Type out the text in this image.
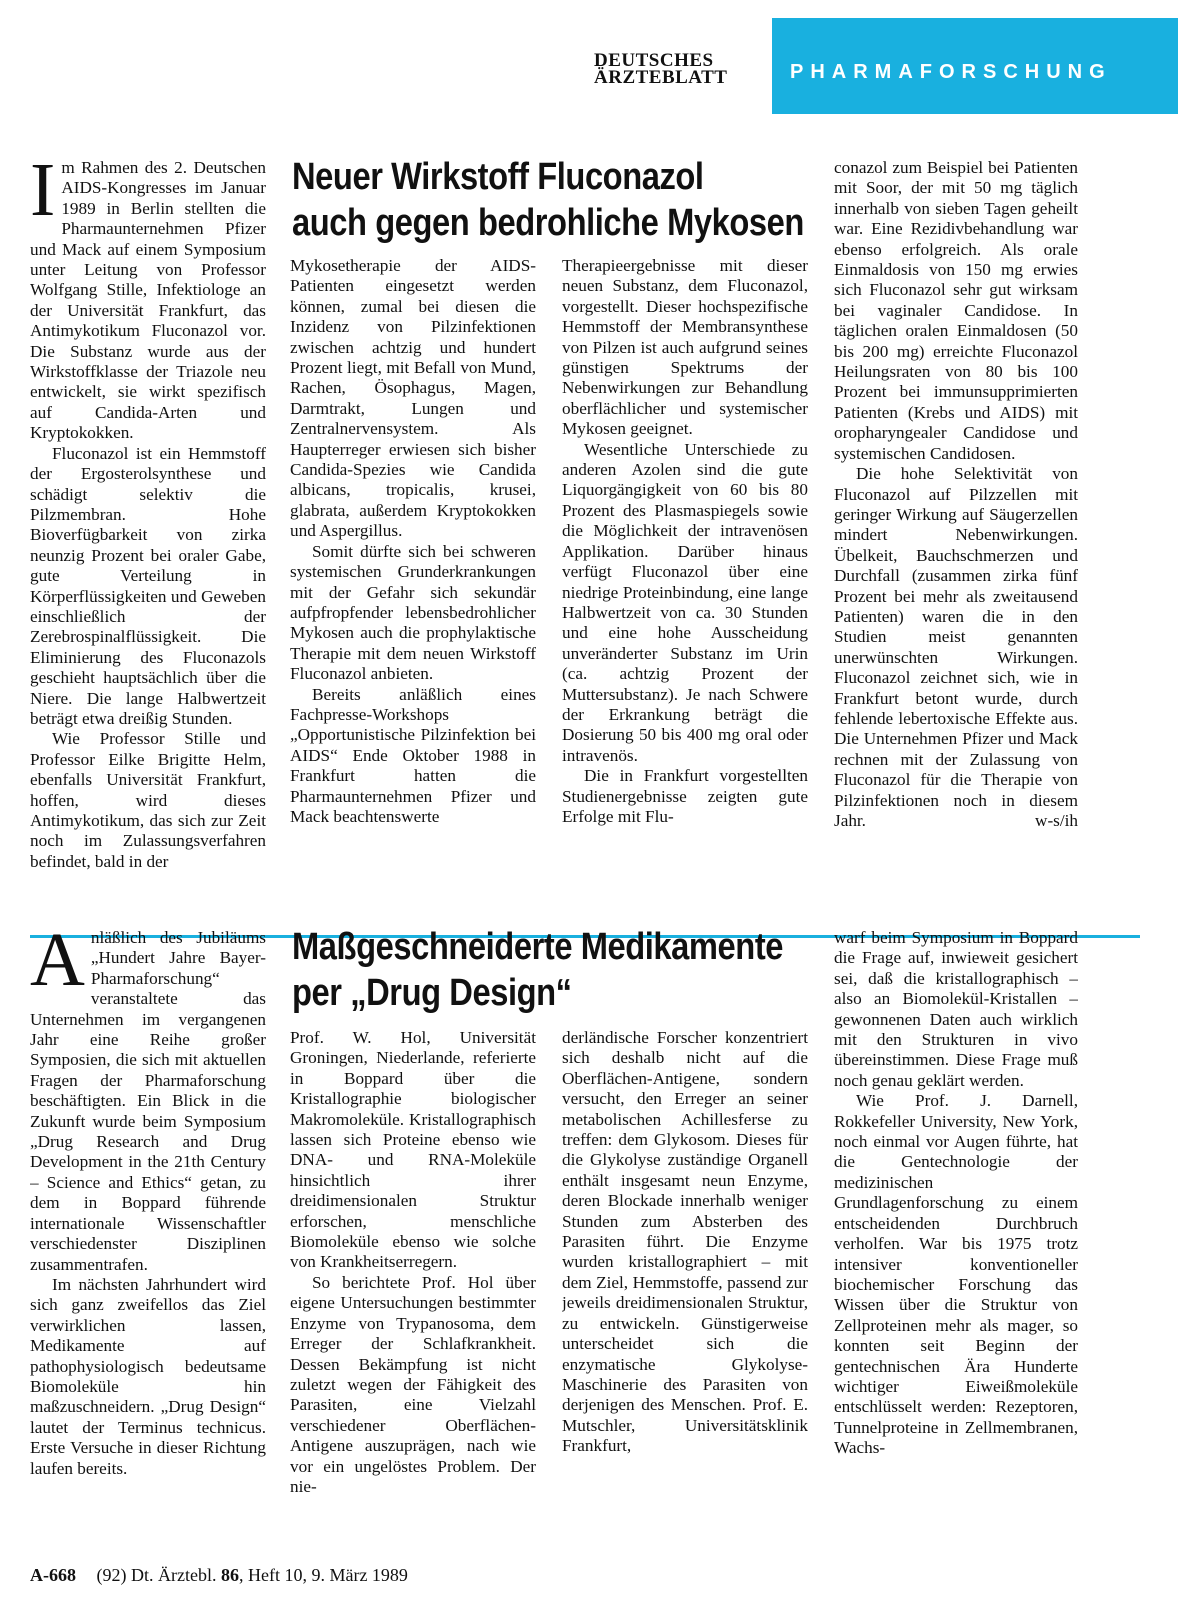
DEUTSCHES
ÄRZTEBLATT	PHARMAFORSCHUNG

Im Rahmen des 2. Deutschen AIDS-Kongresses im Januar 1989 in Berlin stellten die Pharmaunternehmen Pfizer und Mack auf einem Symposium unter Leitung von Professor Wolfgang Stille, Infektiologe an der Universität Frankfurt, das Antimykotikum Fluconazol vor. Die Substanz wurde aus der Wirkstoffklasse der Triazole neu entwickelt, sie wirkt spezifisch auf Candida-Arten und Kryptokokken.

Fluconazol ist ein Hemmstoff der Ergosterolsynthese und schädigt selektiv die Pilzmembran. Hohe Bioverfügbarkeit von zirka neunzig Prozent bei oraler Gabe, gute Verteilung in Körperflüssigkeiten und Geweben einschließlich der Zerebrospinalflüssigkeit. Die Eliminierung des Fluconazols geschieht hauptsächlich über die Niere. Die lange Halbwertzeit beträgt etwa dreißig Stunden.

Wie Professor Stille und Professor Eilke Brigitte Helm, ebenfalls Universität Frankfurt, hoffen, wird dieses Antimykotikum, das sich zur Zeit noch im Zulassungsverfahren befindet, bald in der

Neuer Wirkstoff Fluconazol
auch gegen bedrohliche Mykosen

Mykosetherapie der AIDS-Patienten eingesetzt werden können, zumal bei diesen die Inzidenz von Pilzinfektionen zwischen achtzig und hundert Prozent liegt, mit Befall von Mund, Rachen, Ösophagus, Magen, Darmtrakt, Lungen und Zentralnervensystem. Als Haupterreger erwiesen sich bisher Candida-Spezies wie Candida albicans, tropicalis, krusei, glabrata, außerdem Kryptokokken und Aspergillus.

Somit dürfte sich bei schweren systemischen Grunderkrankungen mit der Gefahr sich sekundär aufpfropfender lebensbedrohlicher Mykosen auch die prophylaktische Therapie mit dem neuen Wirkstoff Fluconazol anbieten.

Bereits anläßlich eines Fachpresse-Workshops „Opportunistische Pilzinfektion bei AIDS“ Ende Oktober 1988 in Frankfurt hatten die Pharmaunternehmen Pfizer und Mack beachtenswerte

Therapieergebnisse mit dieser neuen Substanz, dem Fluconazol, vorgestellt. Dieser hochspezifische Hemmstoff der Membransynthese von Pilzen ist auch aufgrund seines günstigen Spektrums der Nebenwirkungen zur Behandlung oberflächlicher und systemischer Mykosen geeignet.

Wesentliche Unterschiede zu anderen Azolen sind die gute Liquorgängigkeit von 60 bis 80 Prozent des Plasmaspiegels sowie die Möglichkeit der intravenösen Applikation. Darüber hinaus verfügt Fluconazol über eine niedrige Proteinbindung, eine lange Halbwertzeit von ca. 30 Stunden und eine hohe Ausscheidung unveränderter Substanz im Urin (ca. achtzig Prozent der Muttersubstanz). Je nach Schwere der Erkrankung beträgt die Dosierung 50 bis 400 mg oral oder intravenös.

Die in Frankfurt vorgestellten Studienergebnisse zeigten gute Erfolge mit Flu-

conazol zum Beispiel bei Patienten mit Soor, der mit 50 mg täglich innerhalb von sieben Tagen geheilt war. Eine Rezidivbehandlung war ebenso erfolgreich. Als orale Einmaldosis von 150 mg erwies sich Fluconazol sehr gut wirksam bei vaginaler Candidose. In täglichen oralen Einmaldosen (50 bis 200 mg) erreichte Fluconazol Heilungsraten von 80 bis 100 Prozent bei immunsupprimierten Patienten (Krebs und AIDS) mit oropharyngealer Candidose und systemischen Candidosen.

Die hohe Selektivität von Fluconazol auf Pilzzellen mit geringer Wirkung auf Säugerzellen mindert Nebenwirkungen. Übelkeit, Bauchschmerzen und Durchfall (zusammen zirka fünf Prozent bei mehr als zweitausend Patienten) waren die in den Studien meist genannten unerwünschten Wirkungen. Fluconazol zeichnet sich, wie in Frankfurt betont wurde, durch fehlende lebertoxische Effekte aus. Die Unternehmen Pfizer und Mack rechnen mit der Zulassung von Fluconazol für die Therapie von Pilzinfektionen noch in diesem Jahr.	w-s/ih

Anläßlich des Jubiläums „Hundert Jahre Bayer-Pharmaforschung“ veranstaltete das Unternehmen im vergangenen Jahr eine Reihe großer Symposien, die sich mit aktuellen Fragen der Pharmaforschung beschäftigten. Ein Blick in die Zukunft wurde beim Symposium „Drug Research and Drug Development in the 21th Century – Science and Ethics“ getan, zu dem in Boppard führende internationale Wissenschaftler verschiedenster Disziplinen zusammentrafen.

Im nächsten Jahrhundert wird sich ganz zweifellos das Ziel verwirklichen lassen, Medikamente auf pathophysiologisch bedeutsame Biomoleküle hin maßzuschneidern. „Drug Design“ lautet der Terminus technicus. Erste Versuche in dieser Richtung laufen bereits.

Maßgeschneiderte Medikamente
per „Drug Design“

Prof. W. Hol, Universität Groningen, Niederlande, referierte in Boppard über die Kristallographie biologischer Makromoleküle. Kristallographisch lassen sich Proteine ebenso wie DNA- und RNA-Moleküle hinsichtlich ihrer dreidimensionalen Struktur erforschen, menschliche Biomoleküle ebenso wie solche von Krankheitserregern.

So berichtete Prof. Hol über eigene Untersuchungen bestimmter Enzyme von Trypanosoma, dem Erreger der Schlafkrankheit. Dessen Bekämpfung ist nicht zuletzt wegen der Fähigkeit des Parasiten, eine Vielzahl verschiedener Oberflächen-Antigene auszuprägen, nach wie vor ein ungelöstes Problem. Der nie-

derländische Forscher konzentriert sich deshalb nicht auf die Oberflächen-Antigene, sondern versucht, den Erreger an seiner metabolischen Achillesferse zu treffen: dem Glykosom. Dieses für die Glykolyse zuständige Organell enthält insgesamt neun Enzyme, deren Blockade innerhalb weniger Stunden zum Absterben des Parasiten führt. Die Enzyme wurden kristallographiert – mit dem Ziel, Hemmstoffe, passend zur jeweils dreidimensionalen Struktur, zu entwickeln. Günstigerweise unterscheidet sich die enzymatische Glykolyse-Maschinerie des Parasiten von derjenigen des Menschen. Prof. E. Mutschler, Universitätsklinik Frankfurt,

warf beim Symposium in Boppard die Frage auf, inwieweit gesichert sei, daß die kristallographisch – also an Biomolekül-Kristallen – gewonnenen Daten auch wirklich mit den Strukturen in vivo übereinstimmen. Diese Frage muß noch genau geklärt werden.

Wie Prof. J. Darnell, Rokkefeller University, New York, noch einmal vor Augen führte, hat die Gentechnologie der medizinischen Grundlagenforschung zu einem entscheidenden Durchbruch verholfen. War bis 1975 trotz intensiver konventioneller biochemischer Forschung das Wissen über die Struktur von Zellproteinen mehr als mager, so konnten seit Beginn der gentechnischen Ära Hunderte wichtiger Eiweißmoleküle entschlüsselt werden: Rezeptoren, Tunnelproteine in Zellmembranen, Wachs-

A-668 (92) Dt. Ärztebl. 86, Heft 10, 9. März 1989
